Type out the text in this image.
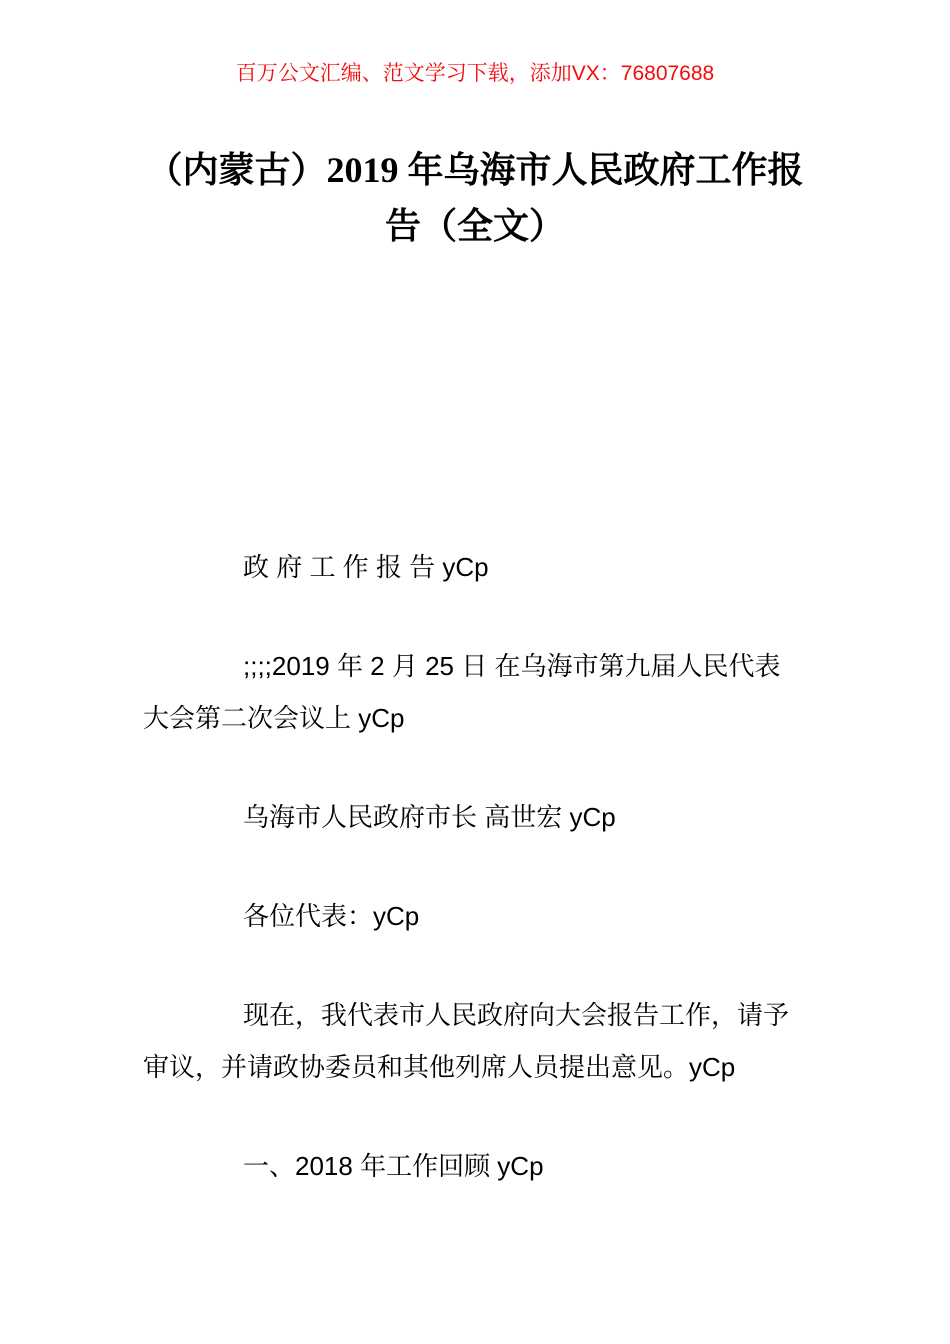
百万公文汇编、范文学习下载，添加VX：76807688
（内蒙古）2019 年乌海市人民政府工作报
告（全文）
政 府 工 作 报 告 yCp
;;;;2019 年 2 月 25 日 在乌海市第九届人民代表
大会第二次会议上 yCp
乌海市人民政府市长 高世宏 yCp
各位代表：yCp
现在，我代表市人民政府向大会报告工作，请予
审议，并请政协委员和其他列席人员提出意见。yCp
一、2018 年工作回顾 yCp
